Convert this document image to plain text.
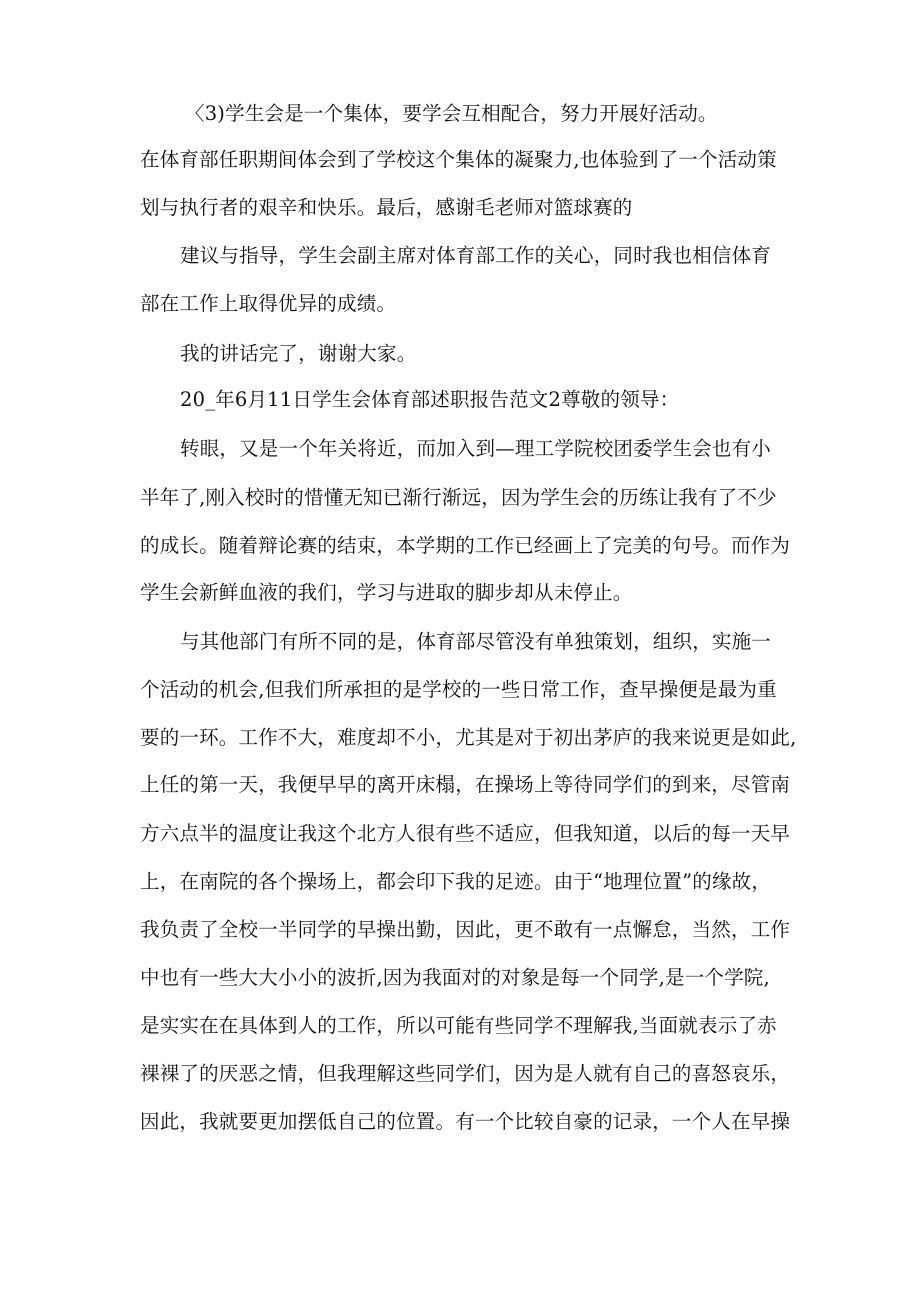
〈3)学生会是一个集体，要学会互相配合，努力开展好活动。
在体育部任职期间体会到了学校这个集体的凝聚力,也体验到了一个活动策
划与执行者的艰辛和快乐。最后，感谢毛老师对篮球赛的
建议与指导，学生会副主席对体育部工作的关心，同时我也相信体育
部在工作上取得优异的成绩。
我的讲话完了，谢谢大家。
20_年6月11日学生会体育部述职报告范文2尊敬的领导：
转眼，又是一个年关将近，而加入到—理工学院校团委学生会也有小
半年了,刚入校时的惜懂无知已渐行渐远，因为学生会的历练让我有了不少
的成长。随着辩论赛的结束，本学期的工作已经画上了完美的句号。而作为
学生会新鲜血液的我们，学习与进取的脚步却从未停止。
与其他部门有所不同的是，体育部尽管没有单独策划，组织，实施一
个活动的机会,但我们所承担的是学校的一些日常工作，查早操便是最为重
要的一环。工作不大，难度却不小，尤其是对于初出茅庐的我来说更是如此,
上任的第一天，我便早早的离开床榻，在操场上等待同学们的到来，尽管南
方六点半的温度让我这个北方人很有些不适应，但我知道，以后的每一天早
上，在南院的各个操场上，都会印下我的足迹。由于“地理位置”的缘故，
我负责了全校一半同学的早操出勤，因此，更不敢有一点懈怠，当然，工作
中也有一些大大小小的波折,因为我面对的对象是每一个同学,是一个学院,
是实实在在具体到人的工作，所以可能有些同学不理解我,当面就表示了赤
裸裸了的厌恶之情，但我理解这些同学们，因为是人就有自己的喜怒哀乐，
因此，我就要更加摆低自己的位置。有一个比较自豪的记录，一个人在早操
